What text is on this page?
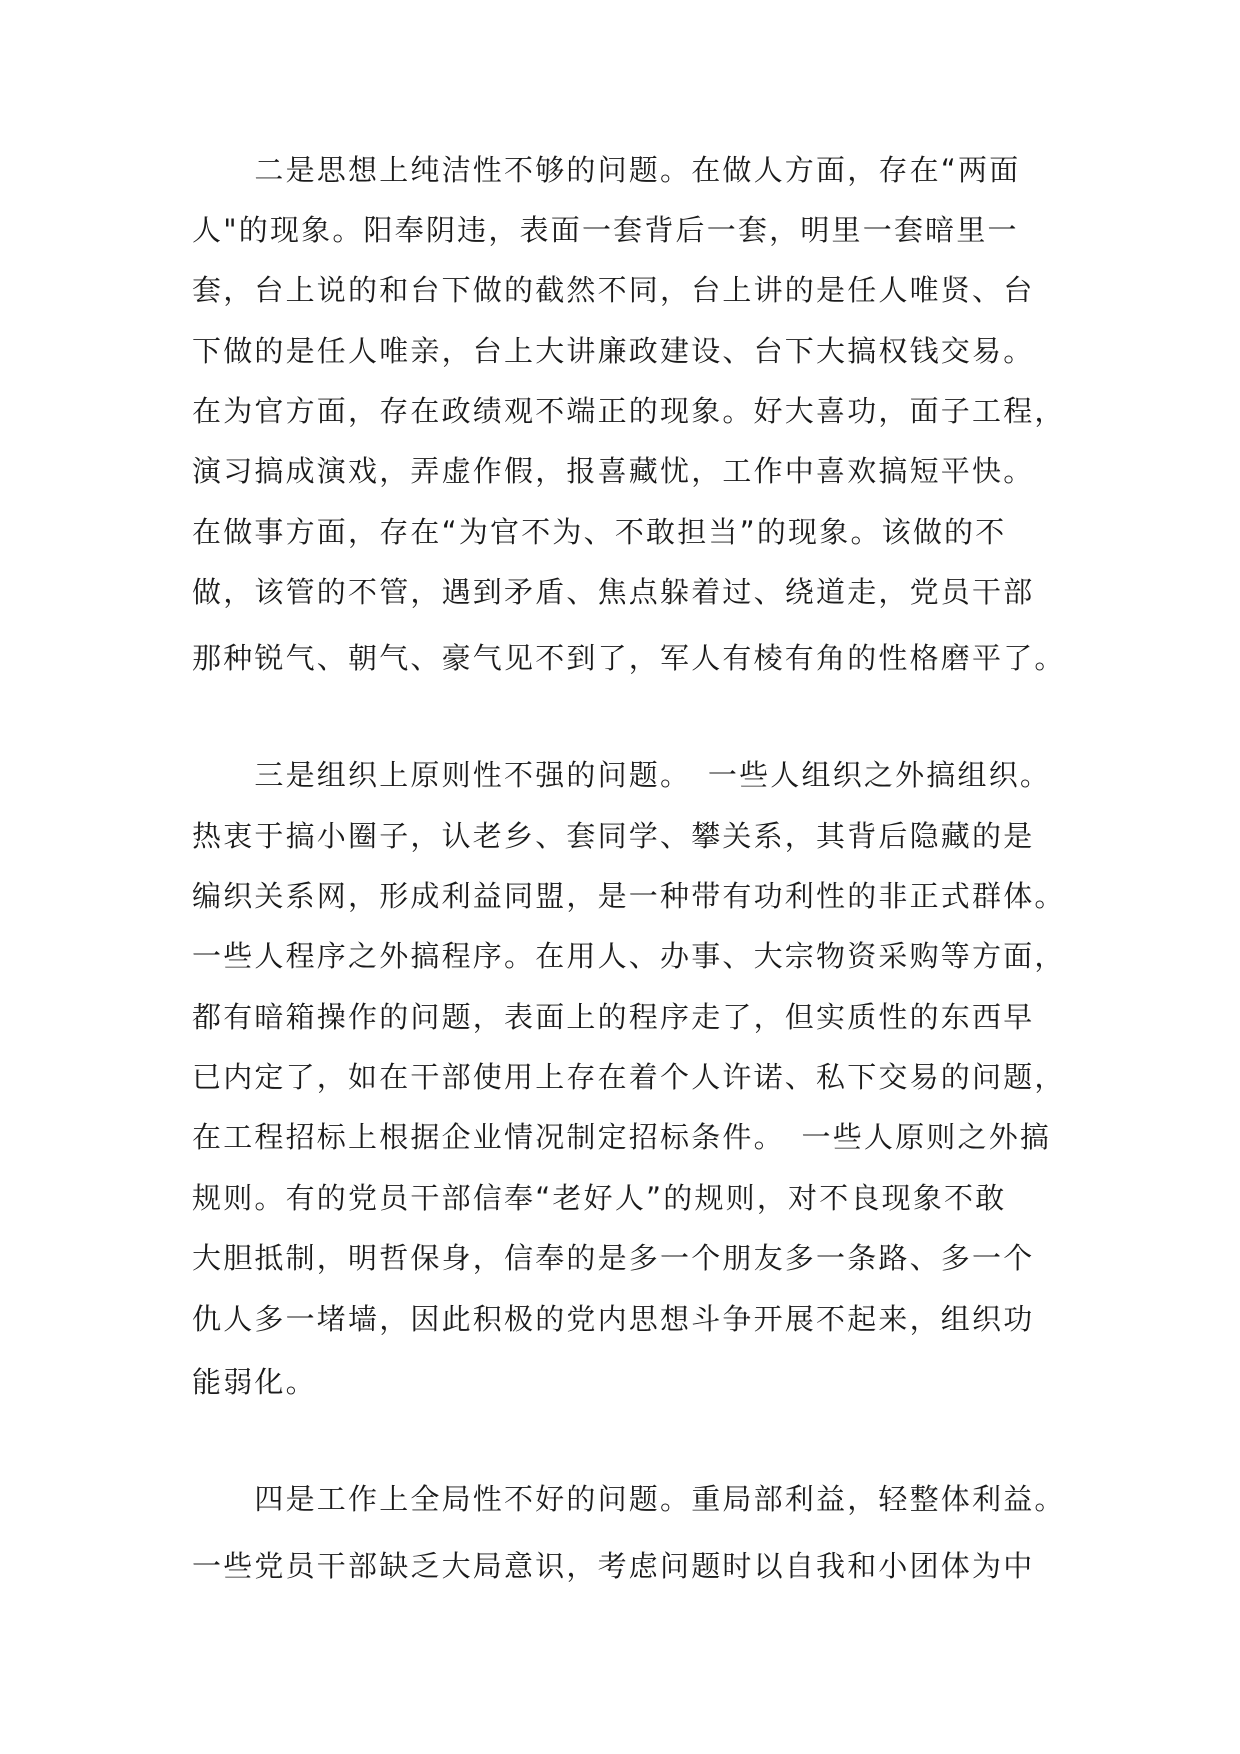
　　二是思想上纯洁性不够的问题。在做人方面，存在“两面
人"的现象。阳奉阴违，表面一套背后一套，明里一套暗里一
套，台上说的和台下做的截然不同，台上讲的是任人唯贤、台
下做的是任人唯亲，台上大讲廉政建设、台下大搞权钱交易。
在为官方面，存在政绩观不端正的现象。好大喜功，面子工程，
演习搞成演戏，弄虚作假，报喜藏忧，工作中喜欢搞短平快。
在做事方面，存在“为官不为、不敢担当”的现象。该做的不
做，该管的不管，遇到矛盾、焦点躲着过、绕道走，党员干部
那种锐气、朝气、豪气见不到了，军人有棱有角的性格磨平了。
　　三是组织上原则性不强的问题。　一些人组织之外搞组织。
热衷于搞小圈子，认老乡、套同学、攀关系，其背后隐藏的是
编织关系网，形成利益同盟，是一种带有功利性的非正式群体。
一些人程序之外搞程序。在用人、办事、大宗物资采购等方面，
都有暗箱操作的问题，表面上的程序走了，但实质性的东西早
已内定了，如在干部使用上存在着个人许诺、私下交易的问题，
在工程招标上根据企业情况制定招标条件。　一些人原则之外搞
规则。有的党员干部信奉“老好人”的规则，对不良现象不敢
大胆抵制，明哲保身，信奉的是多一个朋友多一条路、多一个
仇人多一堵墙，因此积极的党内思想斗争开展不起来，组织功
能弱化。
　　四是工作上全局性不好的问题。重局部利益，轻整体利益。
一些党员干部缺乏大局意识，考虑问题时以自我和小团体为中
